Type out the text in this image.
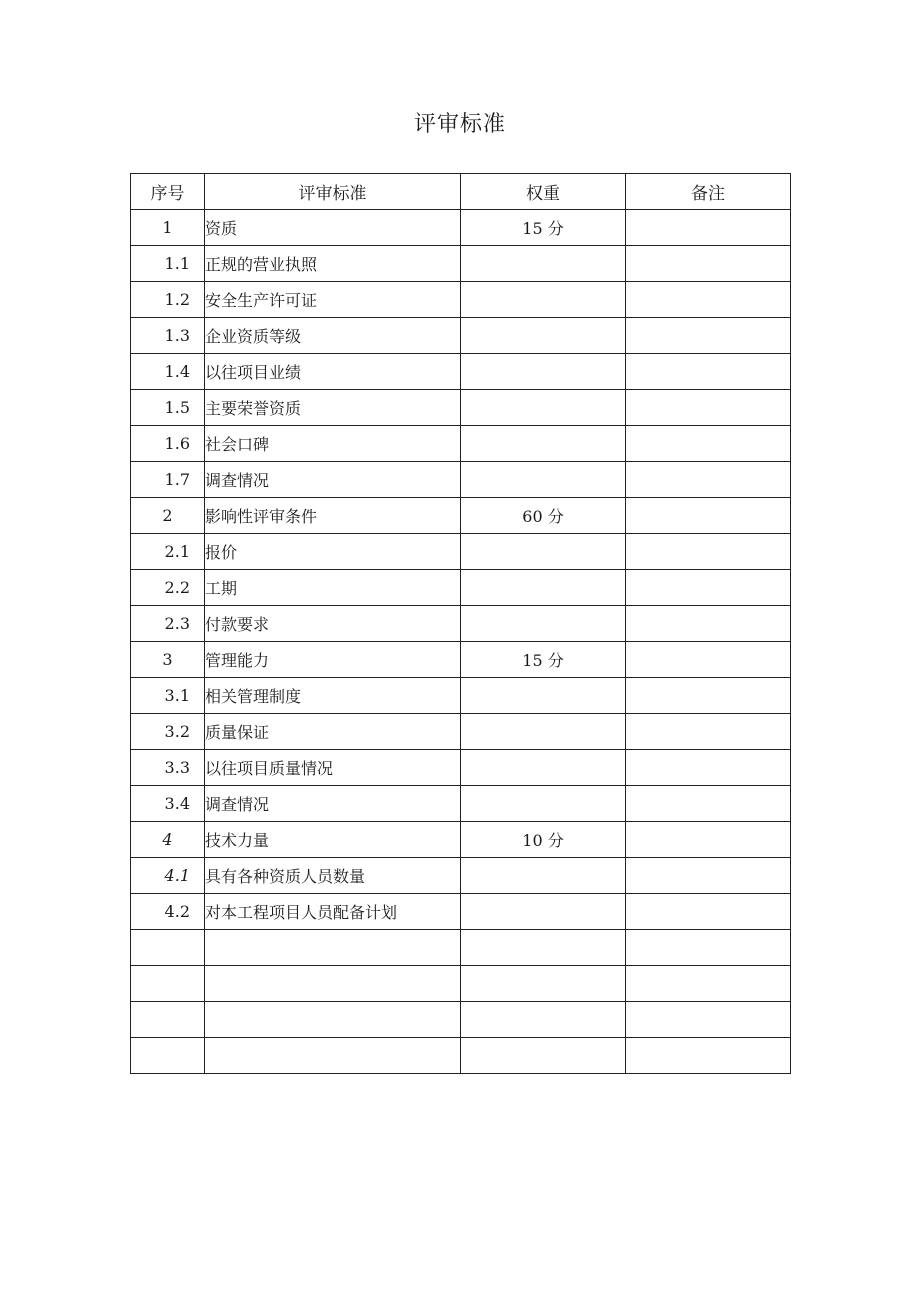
评审标准
序号	评审标准	权重	备注
1	资质	15 分	
1.1	正规的营业执照		
1.2	安全生产许可证		
1.3	企业资质等级		
1.4	以往项目业绩		
1.5	主要荣誉资质		
1.6	社会口碑		
1.7	调查情况		
2	影响性评审条件	60 分	
2.1	报价		
2.2	工期		
2.3	付款要求		
3	管理能力	15 分	
3.1	相关管理制度		
3.2	质量保证		
3.3	以往项目质量情况		
3.4	调查情况		
4	技术力量	10 分	
4.1	具有各种资质人员数量		
4.2	对本工程项目人员配备计划		
